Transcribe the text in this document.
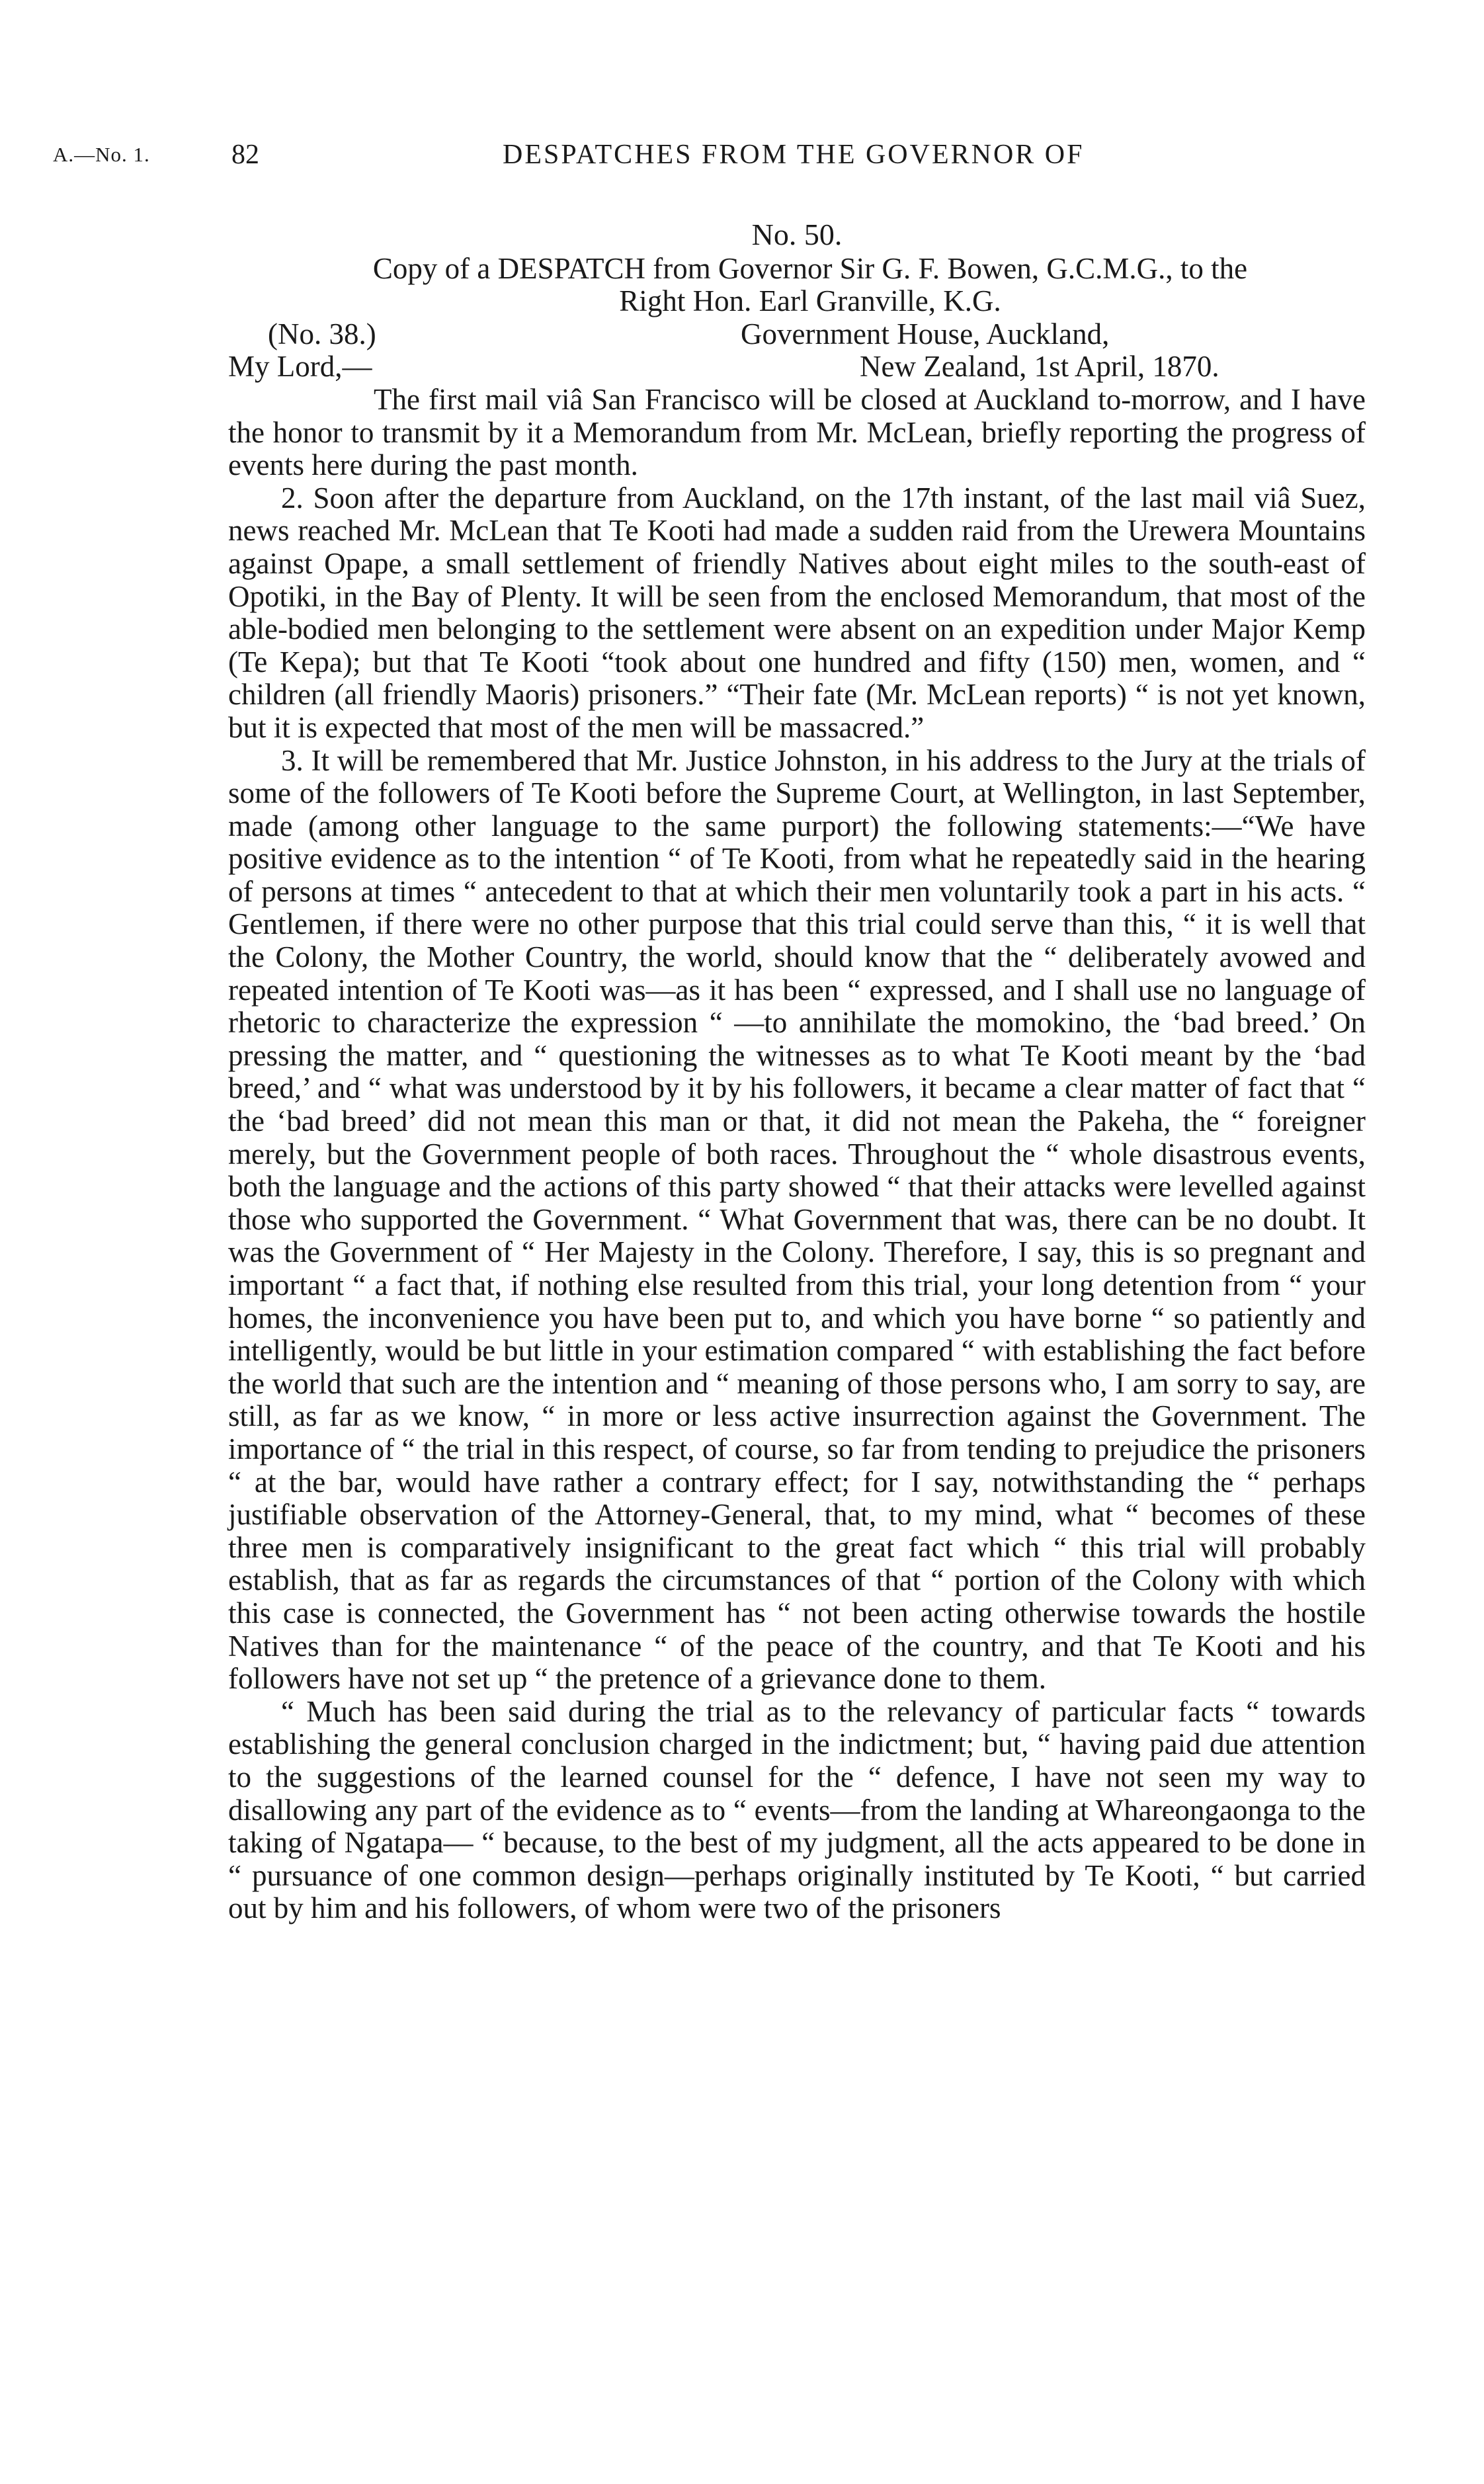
A.—No. 1.	82	DESPATCHES FROM THE GOVERNOR OF
No. 50.
Copy of a DESPATCH from Governor Sir G. F. Bowen, G.C.M.G., to the
Right Hon. Earl Granville, K.G.
(No. 38.)	Government House, Auckland,
My Lord,—	New Zealand, 1st April, 1870.

The first mail viâ San Francisco will be closed at Auckland to-morrow, and I have the honor to transmit by it a Memorandum from Mr. McLean, briefly reporting the progress of events here during the past month.

2. Soon after the departure from Auckland, on the 17th instant, of the last mail viâ Suez, news reached Mr. McLean that Te Kooti had made a sudden raid from the Urewera Mountains against Opape, a small settlement of friendly Natives about eight miles to the south-east of Opotiki, in the Bay of Plenty. It will be seen from the enclosed Memorandum, that most of the able-bodied men belonging to the settlement were absent on an expedition under Major Kemp (Te Kepa); but that Te Kooti “took about one hundred and fifty (150) men, women, and “ children (all friendly Maoris) prisoners.” “Their fate (Mr. McLean reports) “ is not yet known, but it is expected that most of the men will be massacred.”

3. It will be remembered that Mr. Justice Johnston, in his address to the Jury at the trials of some of the followers of Te Kooti before the Supreme Court, at Wellington, in last September, made (among other language to the same purport) the following statements:—“We have positive evidence as to the intention “ of Te Kooti, from what he repeatedly said in the hearing of persons at times “ antecedent to that at which their men voluntarily took a part in his acts. “ Gentlemen, if there were no other purpose that this trial could serve than this, “ it is well that the Colony, the Mother Country, the world, should know that the “ deliberately avowed and repeated intention of Te Kooti was—as it has been “ expressed, and I shall use no language of rhetoric to characterize the expression “ —to annihilate the momokino, the ‘bad breed.’ On pressing the matter, and “ questioning the witnesses as to what Te Kooti meant by the ‘bad breed,’ and “ what was understood by it by his followers, it became a clear matter of fact that “ the ‘bad breed’ did not mean this man or that, it did not mean the Pakeha, the “ foreigner merely, but the Government people of both races. Throughout the “ whole disastrous events, both the language and the actions of this party showed “ that their attacks were levelled against those who supported the Government. “ What Government that was, there can be no doubt. It was the Government of “ Her Majesty in the Colony. Therefore, I say, this is so pregnant and important “ a fact that, if nothing else resulted from this trial, your long detention from “ your homes, the inconvenience you have been put to, and which you have borne “ so patiently and intelligently, would be but little in your estimation compared “ with establishing the fact before the world that such are the intention and “ meaning of those persons who, I am sorry to say, are still, as far as we know, “ in more or less active insurrection against the Government. The importance of “ the trial in this respect, of course, so far from tending to prejudice the prisoners “ at the bar, would have rather a contrary effect; for I say, notwithstanding the “ perhaps justifiable observation of the Attorney-General, that, to my mind, what “ becomes of these three men is comparatively insignificant to the great fact which “ this trial will probably establish, that as far as regards the circumstances of that “ portion of the Colony with which this case is connected, the Government has “ not been acting otherwise towards the hostile Natives than for the maintenance “ of the peace of the country, and that Te Kooti and his followers have not set up “ the pretence of a grievance done to them.

“ Much has been said during the trial as to the relevancy of particular facts “ towards establishing the general conclusion charged in the indictment; but, “ having paid due attention to the suggestions of the learned counsel for the “ defence, I have not seen my way to disallowing any part of the evidence as to “ events—from the landing at Whareongaonga to the taking of Ngatapa— “ because, to the best of my judgment, all the acts appeared to be done in “ pursuance of one common design—perhaps originally instituted by Te Kooti, “ but carried out by him and his followers, of whom were two of the prisoners
